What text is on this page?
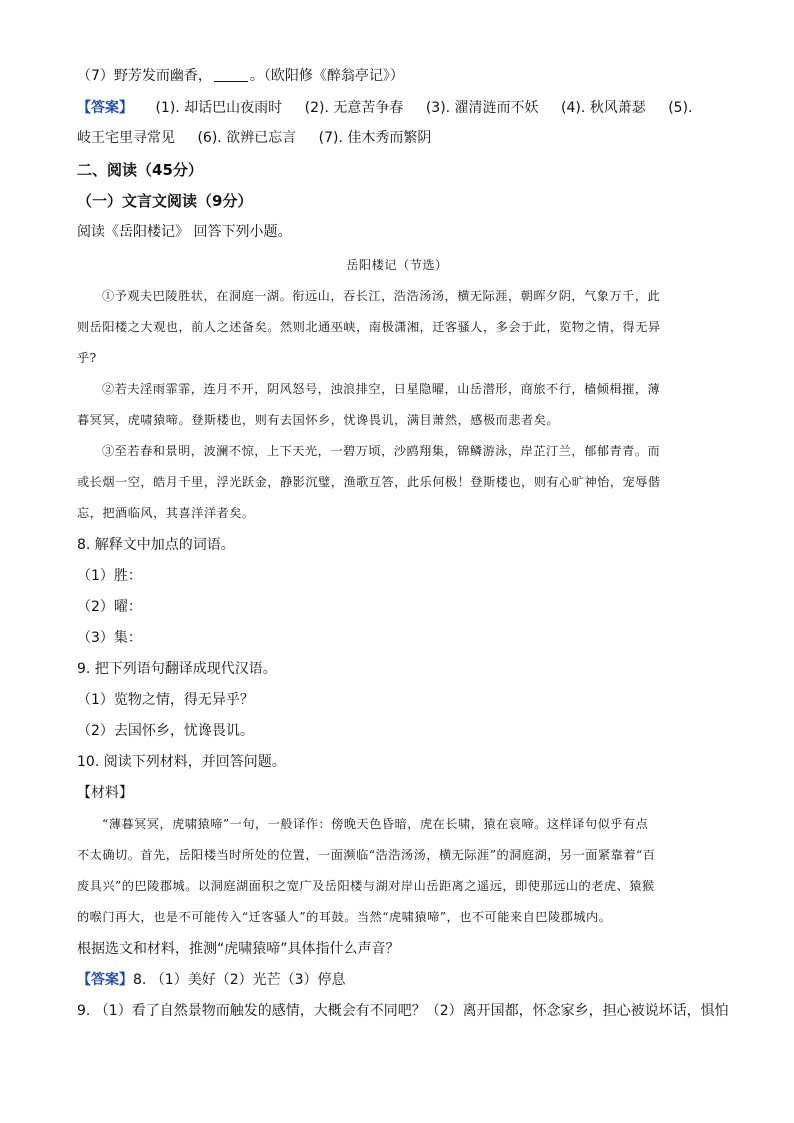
（7）野芳发而幽香，	。（欧阳修《醉翁亭记》）
【答案】 (1). 却话巴山夜雨时 (2). 无意苦争春 (3). 濯清涟而不妖 (4). 秋风萧瑟 (5).
岐王宅里寻常见 (6). 欲辨已忘言 (7). 佳木秀而繁阴
二、阅读（45分）
（一）文言文阅读（9分）
阅读《岳阳楼记》 回答下列小题。
岳阳楼记（节选）
①予观夫巴陵胜状，在洞庭一湖。衔远山，吞长江，浩浩汤汤，横无际涯，朝晖夕阴，气象万千，此
则岳阳楼之大观也，前人之述备矣。然则北通巫峡，南极潇湘，迁客骚人，多会于此，览物之情，得无异
乎?
②若夫淫雨霏霏，连月不开，阴风怒号，浊浪排空，日星隐曜，山岳潜形，商旅不行，樯倾楫摧，薄
暮冥冥，虎啸猿啼。登斯楼也，则有去国怀乡，忧谗畏讥，满目萧然，感极而悲者矣。
③至若春和景明，波澜不惊，上下天光，一碧万顷，沙鸥翔集，锦鳞游泳，岸芷汀兰，郁郁青青。而
或长烟一空，皓月千里，浮光跃金，静影沉璧，渔歌互答，此乐何极！登斯楼也，则有心旷神怡，宠辱偕
忘，把酒临风，其喜洋洋者矣。
8. 解释文中加点的词语。
（1）胜：
（2）曜：
（3）集：
9. 把下列语句翻译成现代汉语。
（1）览物之情，得无异乎？
（2）去国怀乡，忧谗畏讥。
10. 阅读下列材料，并回答问题。
【材料】
“薄暮冥冥，虎啸猿啼”一句，一般译作：傍晚天色昏暗，虎在长啸，猿在哀啼。这样译句似乎有点
不太确切。首先，岳阳楼当时所处的位置，一面濒临“浩浩汤汤，横无际涯”的洞庭湖，另一面紧靠着“百
废具兴”的巴陵郡城。以洞庭湖面积之宽广及岳阳楼与湖对岸山岳距离之遥远，即使那远山的老虎、猿猴
的喉门再大，也是不可能传入“迁客骚人”的耳鼓。当然“虎啸猿啼”，也不可能来自巴陵郡城内。
根据选文和材料，推测“虎啸猿啼”具体指什么声音？
【答案】8. （1）美好（2）光芒（3）停息
9. （1）看了自然景物而触发的感情，大概会有不同吧？（2）离开国都，怀念家乡，担心被说坏话，惧怕
